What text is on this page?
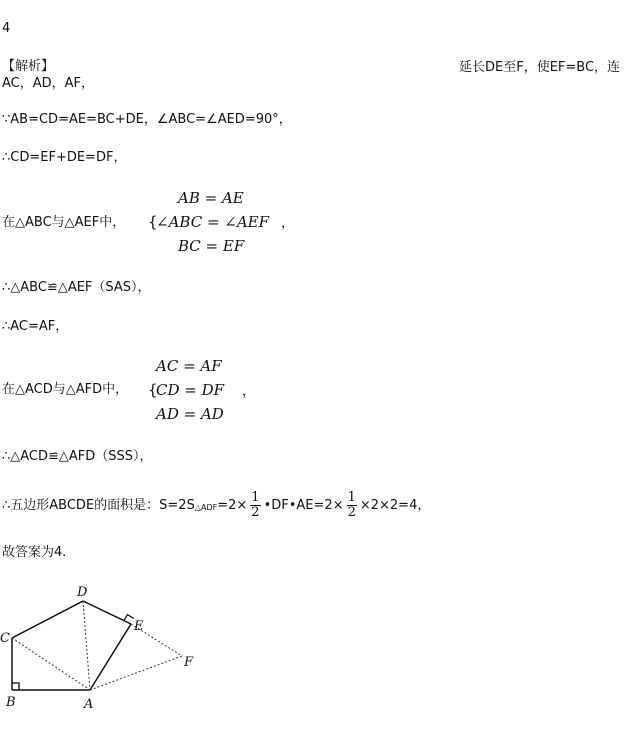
4
【解析】	延长DE至F，使EF=BC，连
AC，AD，AF，
∵AB=CD=AE=BC+DE，∠ABC=∠AED=90°，
∴CD=EF+DE=DF，
在△ABC与△AEF中，
AB = AE
{
∠ABC = ∠AEF ，
BC = EF
∴△ABC≌△AEF（SAS），
∴AC=AF，
在△ACD与△AFD中，
AC = AF
{
CD = DF ，
AD = AD
∴△ACD≌△AFD（SSS），
∴五边形ABCDE的面积是：S=2S△ADF=2× $\frac{1}{2}$ •DF•AE=2× $\frac{1}{2} \times 2\times 2=4$，
故答案为4．
A
B
C
D
E
F
